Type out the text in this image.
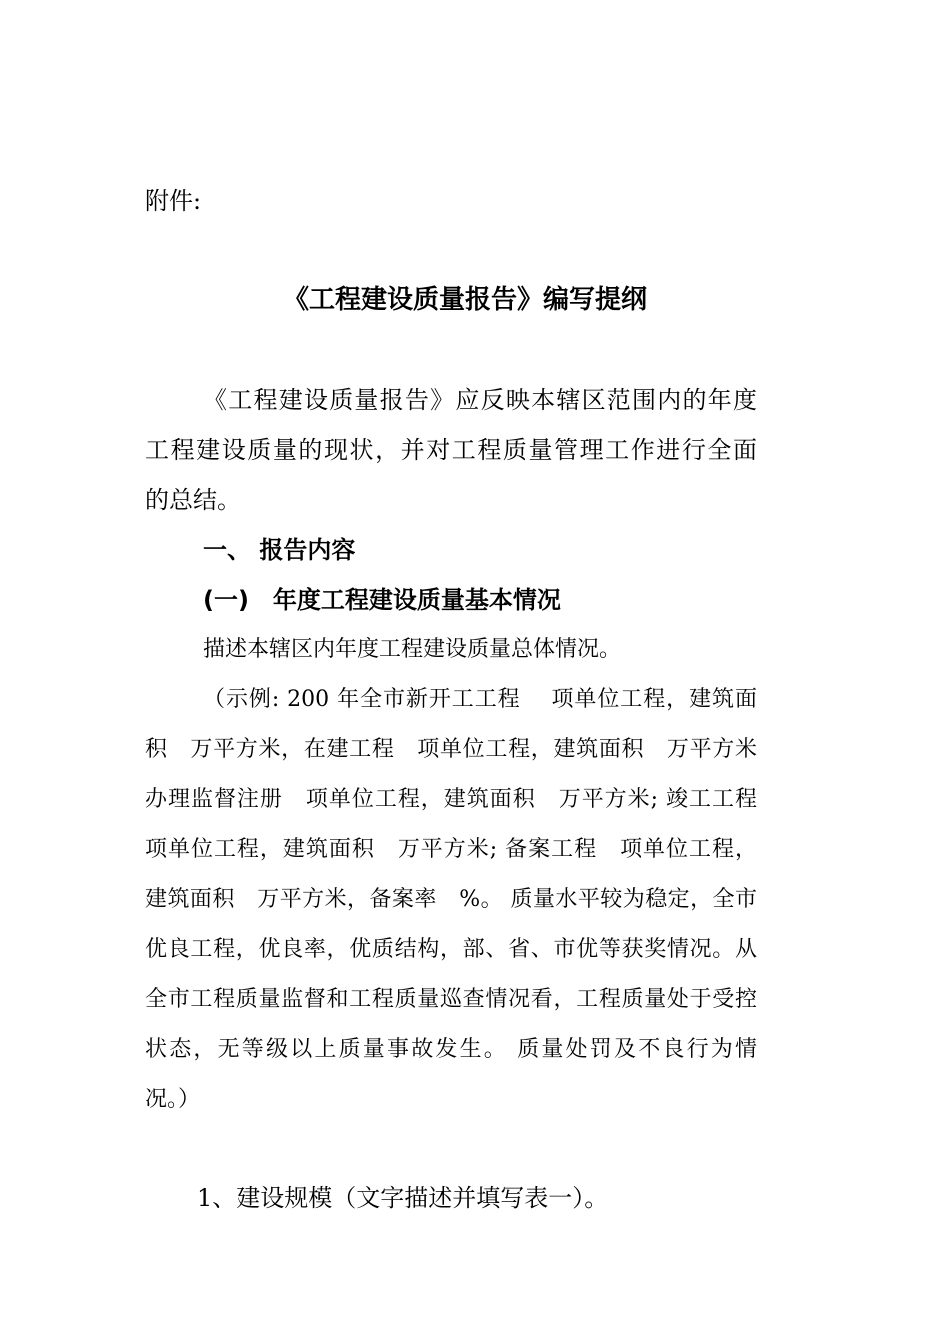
附件:
《工程建设质量报告》编写提纲
《工程建设质量报告》应反映本辖区范围内的年度
工程建设质量的现状，并对工程质量管理工作进行全面
的总结。
一、 报告内容
(一)　年度工程建设质量基本情况
描述本辖区内年度工程建设质量总体情况。
（示例: 200 年全市新开工工程　 项单位工程，建筑面
积　万平方米，在建工程　项单位工程，建筑面积　万平方米
办理监督注册　项单位工程，建筑面积　万平方米; 竣工工程
项单位工程，建筑面积　万平方米; 备案工程　项单位工程，
建筑面积　万平方米，备案率　%。 质量水平较为稳定，全市
优良工程，优良率，优质结构，部、省、市优等获奖情况。从
全市工程质量监督和工程质量巡查情况看，工程质量处于受控
状态，无等级以上质量事故发生。 质量处罚及不良行为情
况。）
1、建设规模（文字描述并填写表一）。
